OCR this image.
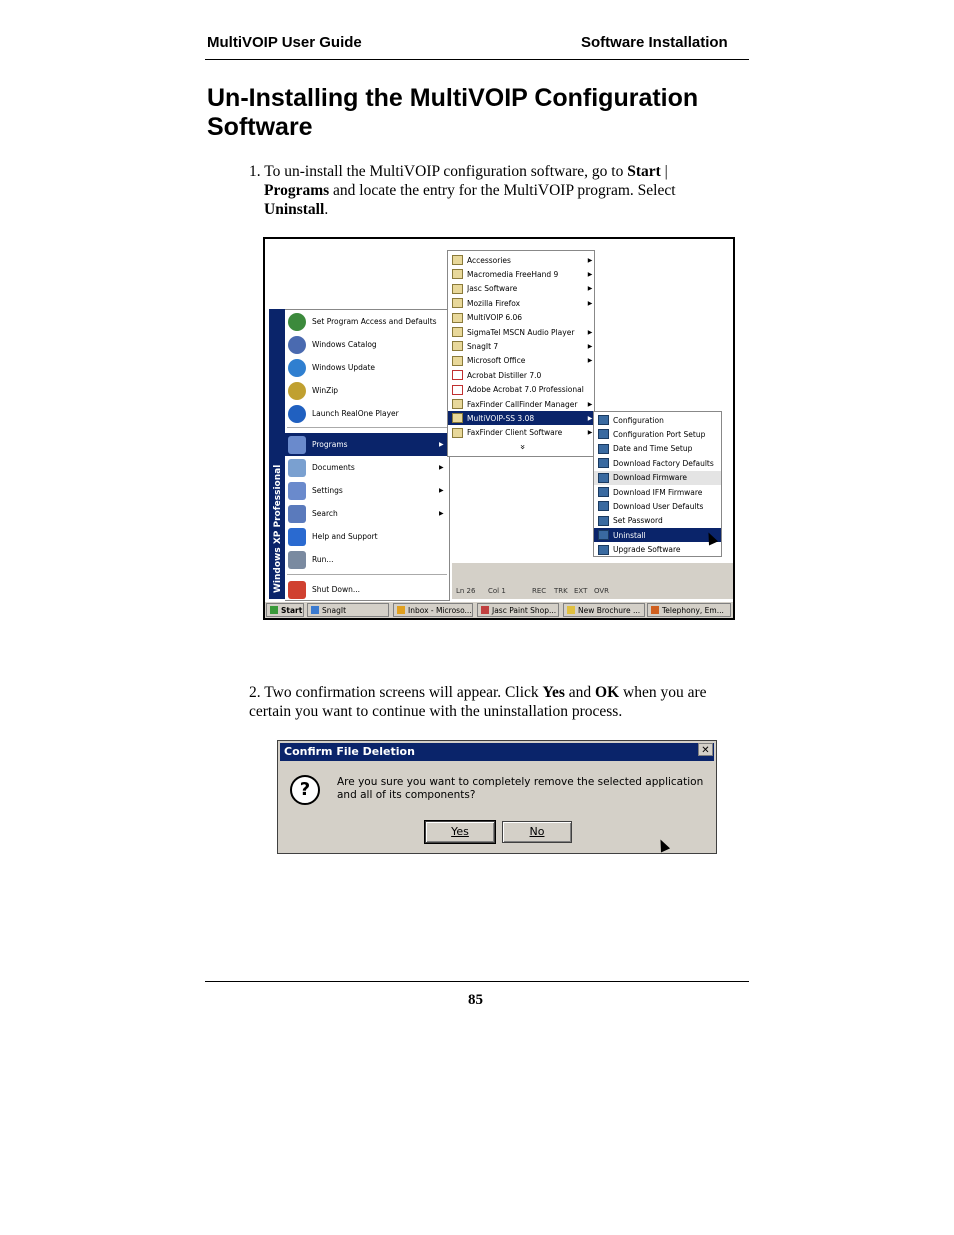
MultiVOIP User Guide	Software Installation
Un-Installing the MultiVOIP Configuration Software
1. To un-install the MultiVOIP configuration software, go to Start |
Programs and locate the entry for the MultiVOIP program. Select
Uninstall.
Ln 26 Col 1	REC TRK EXT OVR
Windows XP Professional
Set Program Access and Defaults
Windows Catalog
Windows Update
WinZip
Launch RealOne Player
Programs	▶
Documents	▶
Settings	▶
Search	▶
Help and Support
Run...
Shut Down...
Accessories	▶
Macromedia FreeHand 9	▶
Jasc Software	▶
Mozilla Firefox	▶
MultiVOIP 6.06
SigmaTel MSCN Audio Player	▶
SnagIt 7	▶
Microsoft Office	▶
Acrobat Distiller 7.0
Adobe Acrobat 7.0 Professional
FaxFinder CallFinder Manager	▶
MultiVOIP-SS 3.08	▶
FaxFinder Client Software	▶
»
Configuration
Configuration Port Setup
Date and Time Setup
Download Factory Defaults
Download Firmware
Download IFM Firmware
Download User Defaults
Set Password
Uninstall
Upgrade Software
Start	SnagIt	Inbox - Microso...	Jasc Paint Shop...	New Brochure ...	Telephony, Em...
2. Two confirmation screens will appear. Click Yes and OK when you are certain you want to continue with the uninstallation process.
Confirm File Deletion	✕
?	Are you sure you want to completely remove the selected application and all of its components?
Yes	No
85
